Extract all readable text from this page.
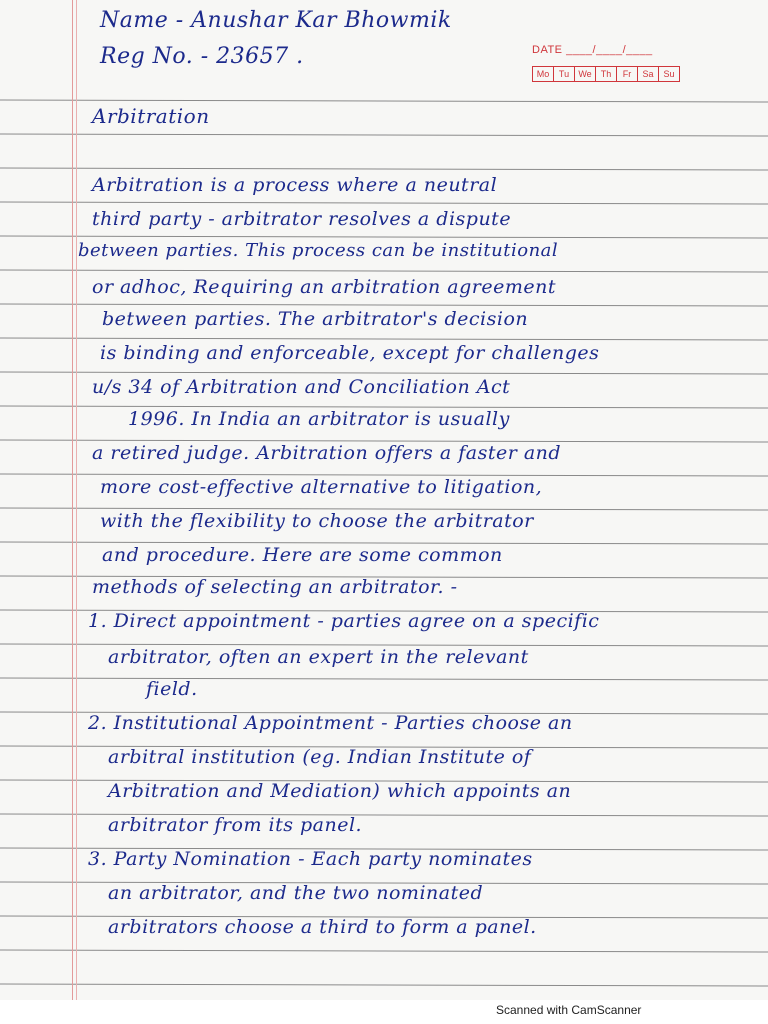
Name - Anushar Kar Bhowmik
Reg No. - 23657 .	DATE ____/____/____
Mo	Tu	We	Th	Fr	Sa	Su
Arbitration
Arbitration is a process where a neutral
third party - arbitrator resolves a dispute
between parties. This process can be institutional
or adhoc, Requiring an arbitration agreement
between parties. The arbitrator's decision
is binding and enforceable, except for challenges
u/s 34 of Arbitration and Conciliation Act
1996. In India an arbitrator is usually
a retired judge. Arbitration offers a faster and
more cost-effective alternative to litigation,
with the flexibility to choose the arbitrator
and procedure. Here are some common
methods of selecting an arbitrator. -
1. Direct appointment - parties agree on a specific
arbitrator, often an expert in the relevant
field.
2. Institutional Appointment - Parties choose an
arbitral institution (eg. Indian Institute of
Arbitration and Mediation) which appoints an
arbitrator from its panel.
3. Party Nomination - Each party nominates
an arbitrator, and the two nominated
arbitrators choose a third to form a panel.
Scanned with CamScanner
